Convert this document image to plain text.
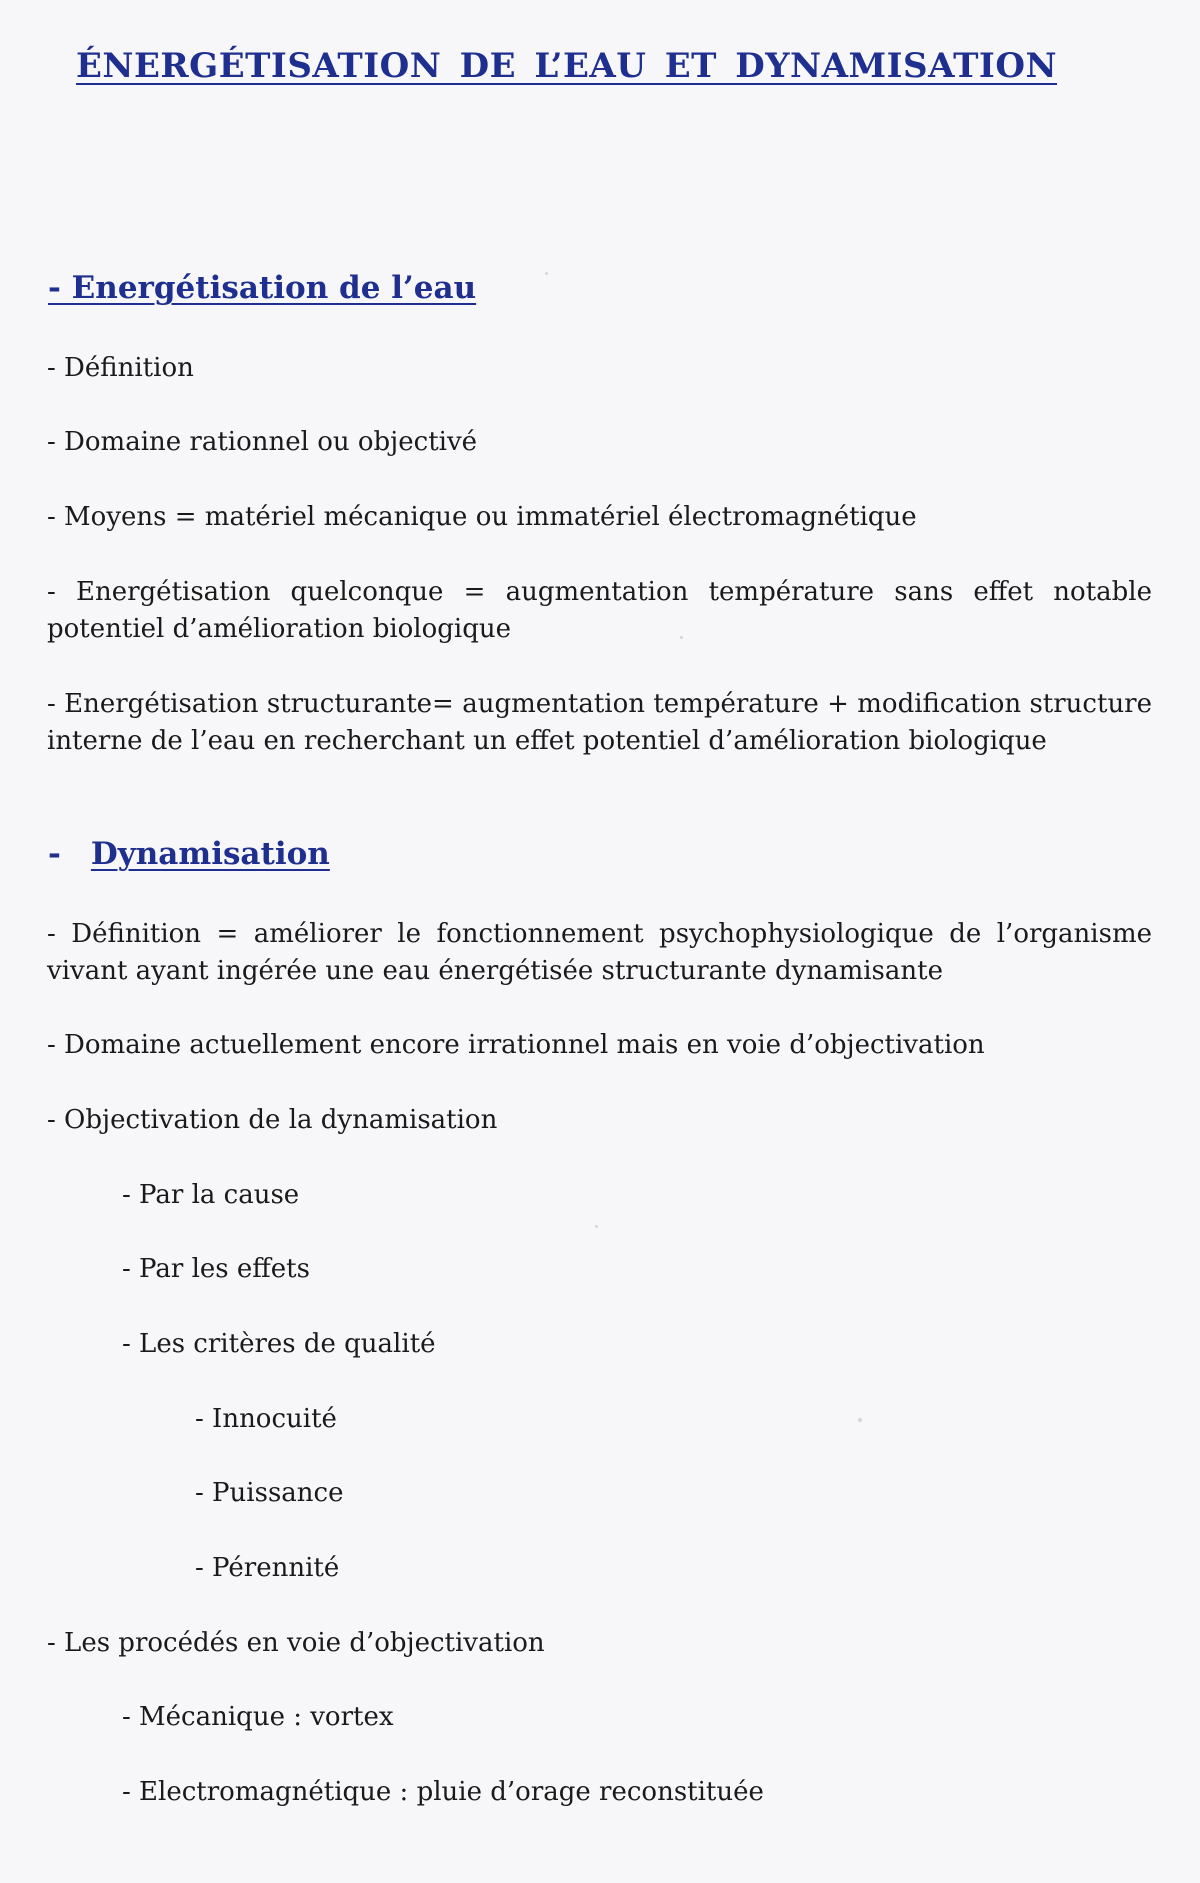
ÉNERGÉTISATION DE L’EAU ET DYNAMISATION
- Energétisation de l’eau

- Définition

- Domaine rationnel ou objectivé

- Moyens = matériel mécanique ou immatériel électromagnétique

- Energétisation quelconque = augmentation température sans effet notable potentiel d’amélioration biologique

- Energétisation structurante= augmentation température + modification structure interne de l’eau en recherchant un effet potentiel d’amélioration biologique

- Dynamisation

- Définition = améliorer le fonctionnement psychophysiologique de l’organisme vivant ayant ingérée une eau énergétisée structurante dynamisante

- Domaine actuellement encore irrationnel mais en voie d’objectivation

- Objectivation de la dynamisation

- Par la cause

- Par les effets

- Les critères de qualité

- Innocuité

- Puissance

- Pérennité

- Les procédés en voie d’objectivation

- Mécanique : vortex

- Electromagnétique : pluie d’orage reconstituée
